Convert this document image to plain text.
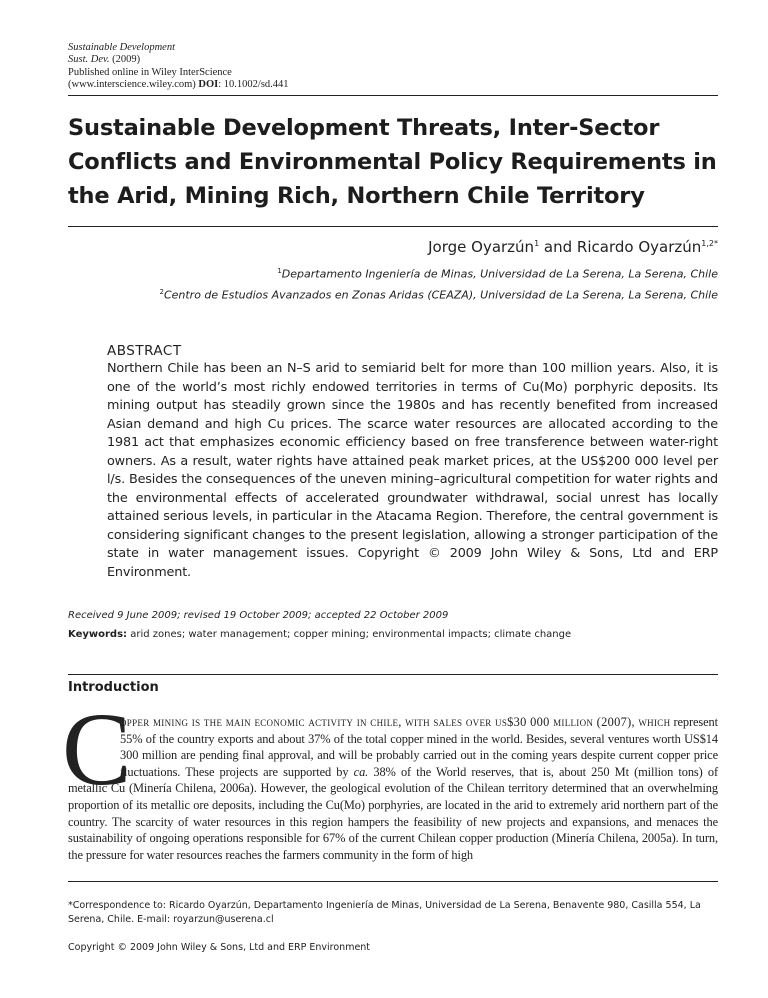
Sustainable Development
Sust. Dev. (2009)
Published online in Wiley InterScience
(www.interscience.wiley.com) DOI: 10.1002/sd.441
Sustainable Development Threats, Inter-Sector Conflicts and Environmental Policy Requirements in the Arid, Mining Rich, Northern Chile Territory
Jorge Oyarzún$^1$ and Ricardo Oyarzún$^{1,2*}$
$^1$Departamento Ingeniería de Minas, Universidad de La Serena, La Serena, Chile
$^2$Centro de Estudios Avanzados en Zonas Aridas (CEAZA), Universidad de La Serena, La Serena, Chile
ABSTRACT

Northern Chile has been an N–S arid to semiarid belt for more than 100 million years. Also, it is one of the world’s most richly endowed territories in terms of Cu(Mo) porphyric deposits. Its mining output has steadily grown since the 1980s and has recently benefited from increased Asian demand and high Cu prices. The scarce water resources are allocated according to the 1981 act that emphasizes economic efficiency based on free transference between water-right owners. As a result, water rights have attained peak market prices, at the US$200 000 level per l/s. Besides the consequences of the uneven mining–agricultural competition for water rights and the environmental effects of accelerated groundwater withdrawal, social unrest has locally attained serious levels, in particular in the Atacama Region. Therefore, the central government is considering significant changes to the present legislation, allowing a stronger participation of the state in water management issues. Copyright © 2009 John Wiley & Sons, Ltd and ERP Environment.

Received 9 June 2009; revised 19 October 2009; accepted 22 October 2009
Keywords: arid zones; water management; copper mining; environmental impacts; climate change
Introduction
C

opper mining is the main economic activity in chile, with sales over us$30 000 million (2007), which represent 55% of the country exports and about 37% of the total copper mined in the world. Besides, several ventures worth US$14 300 million are pending final approval, and will be probably carried out in the coming years despite current copper price fluctuations. These projects are supported by ca. 38% of the World reserves, that is, about 250 Mt (million tons) of metallic Cu (Minería Chilena, 2006a). However, the geological evolution of the Chilean territory determined that an overwhelming proportion of its metallic ore deposits, including the Cu(Mo) porphyries, are located in the arid to extremely arid northern part of the country. The scarcity of water resources in this region hampers the feasibility of new projects and expansions, and menaces the sustainability of ongoing operations responsible for 67% of the current Chilean copper production (Minería Chilena, 2005a). In turn, the pressure for water resources reaches the farmers community in the form of high

*Correspondence to: Ricardo Oyarzún, Departamento Ingeniería de Minas, Universidad de La Serena, Benavente 980, Casilla 554, La Serena, Chile. E-mail: royarzun@userena.cl

Copyright © 2009 John Wiley & Sons, Ltd and ERP Environment
